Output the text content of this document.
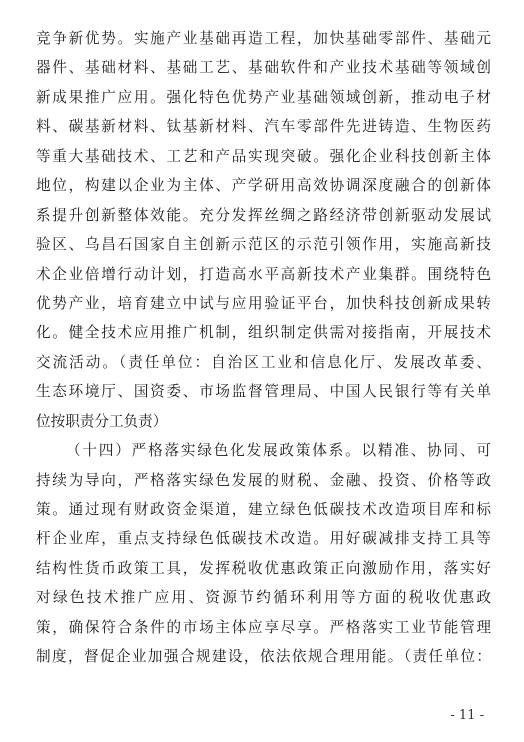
竞争新优势。实施产业基础再造工程，加快基础零部件、基础元
器件、基础材料、基础工艺、基础软件和产业技术基础等领域创
新成果推广应用。强化特色优势产业基础领域创新，推动电子材
料、碳基新材料、钛基新材料、汽车零部件先进铸造、生物医药
等重大基础技术、工艺和产品实现突破。强化企业科技创新主体
地位，构建以企业为主体、产学研用高效协调深度融合的创新体
系提升创新整体效能。充分发挥丝绸之路经济带创新驱动发展试
验区、乌昌石国家自主创新示范区的示范引领作用，实施高新技
术企业倍增行动计划，打造高水平高新技术产业集群。围绕特色
优势产业，培育建立中试与应用验证平台，加快科技创新成果转
化。健全技术应用推广机制，组织制定供需对接指南，开展技术
交流活动。（责任单位：自治区工业和信息化厅、发展改革委、
生态环境厅、国资委、市场监督管理局、中国人民银行等有关单
位按职责分工负责）
（十四）严格落实绿色化发展政策体系。以精准、协同、可
持续为导向，严格落实绿色发展的财税、金融、投资、价格等政
策。通过现有财政资金渠道，建立绿色低碳技术改造项目库和标
杆企业库，重点支持绿色低碳技术改造。用好碳减排支持工具等
结构性货币政策工具，发挥税收优惠政策正向激励作用，落实好
对绿色技术推广应用、资源节约循环利用等方面的税收优惠政
策，确保符合条件的市场主体应享尽享。严格落实工业节能管理
制度，督促企业加强合规建设，依法依规合理用能。（责任单位：
- 11 -
